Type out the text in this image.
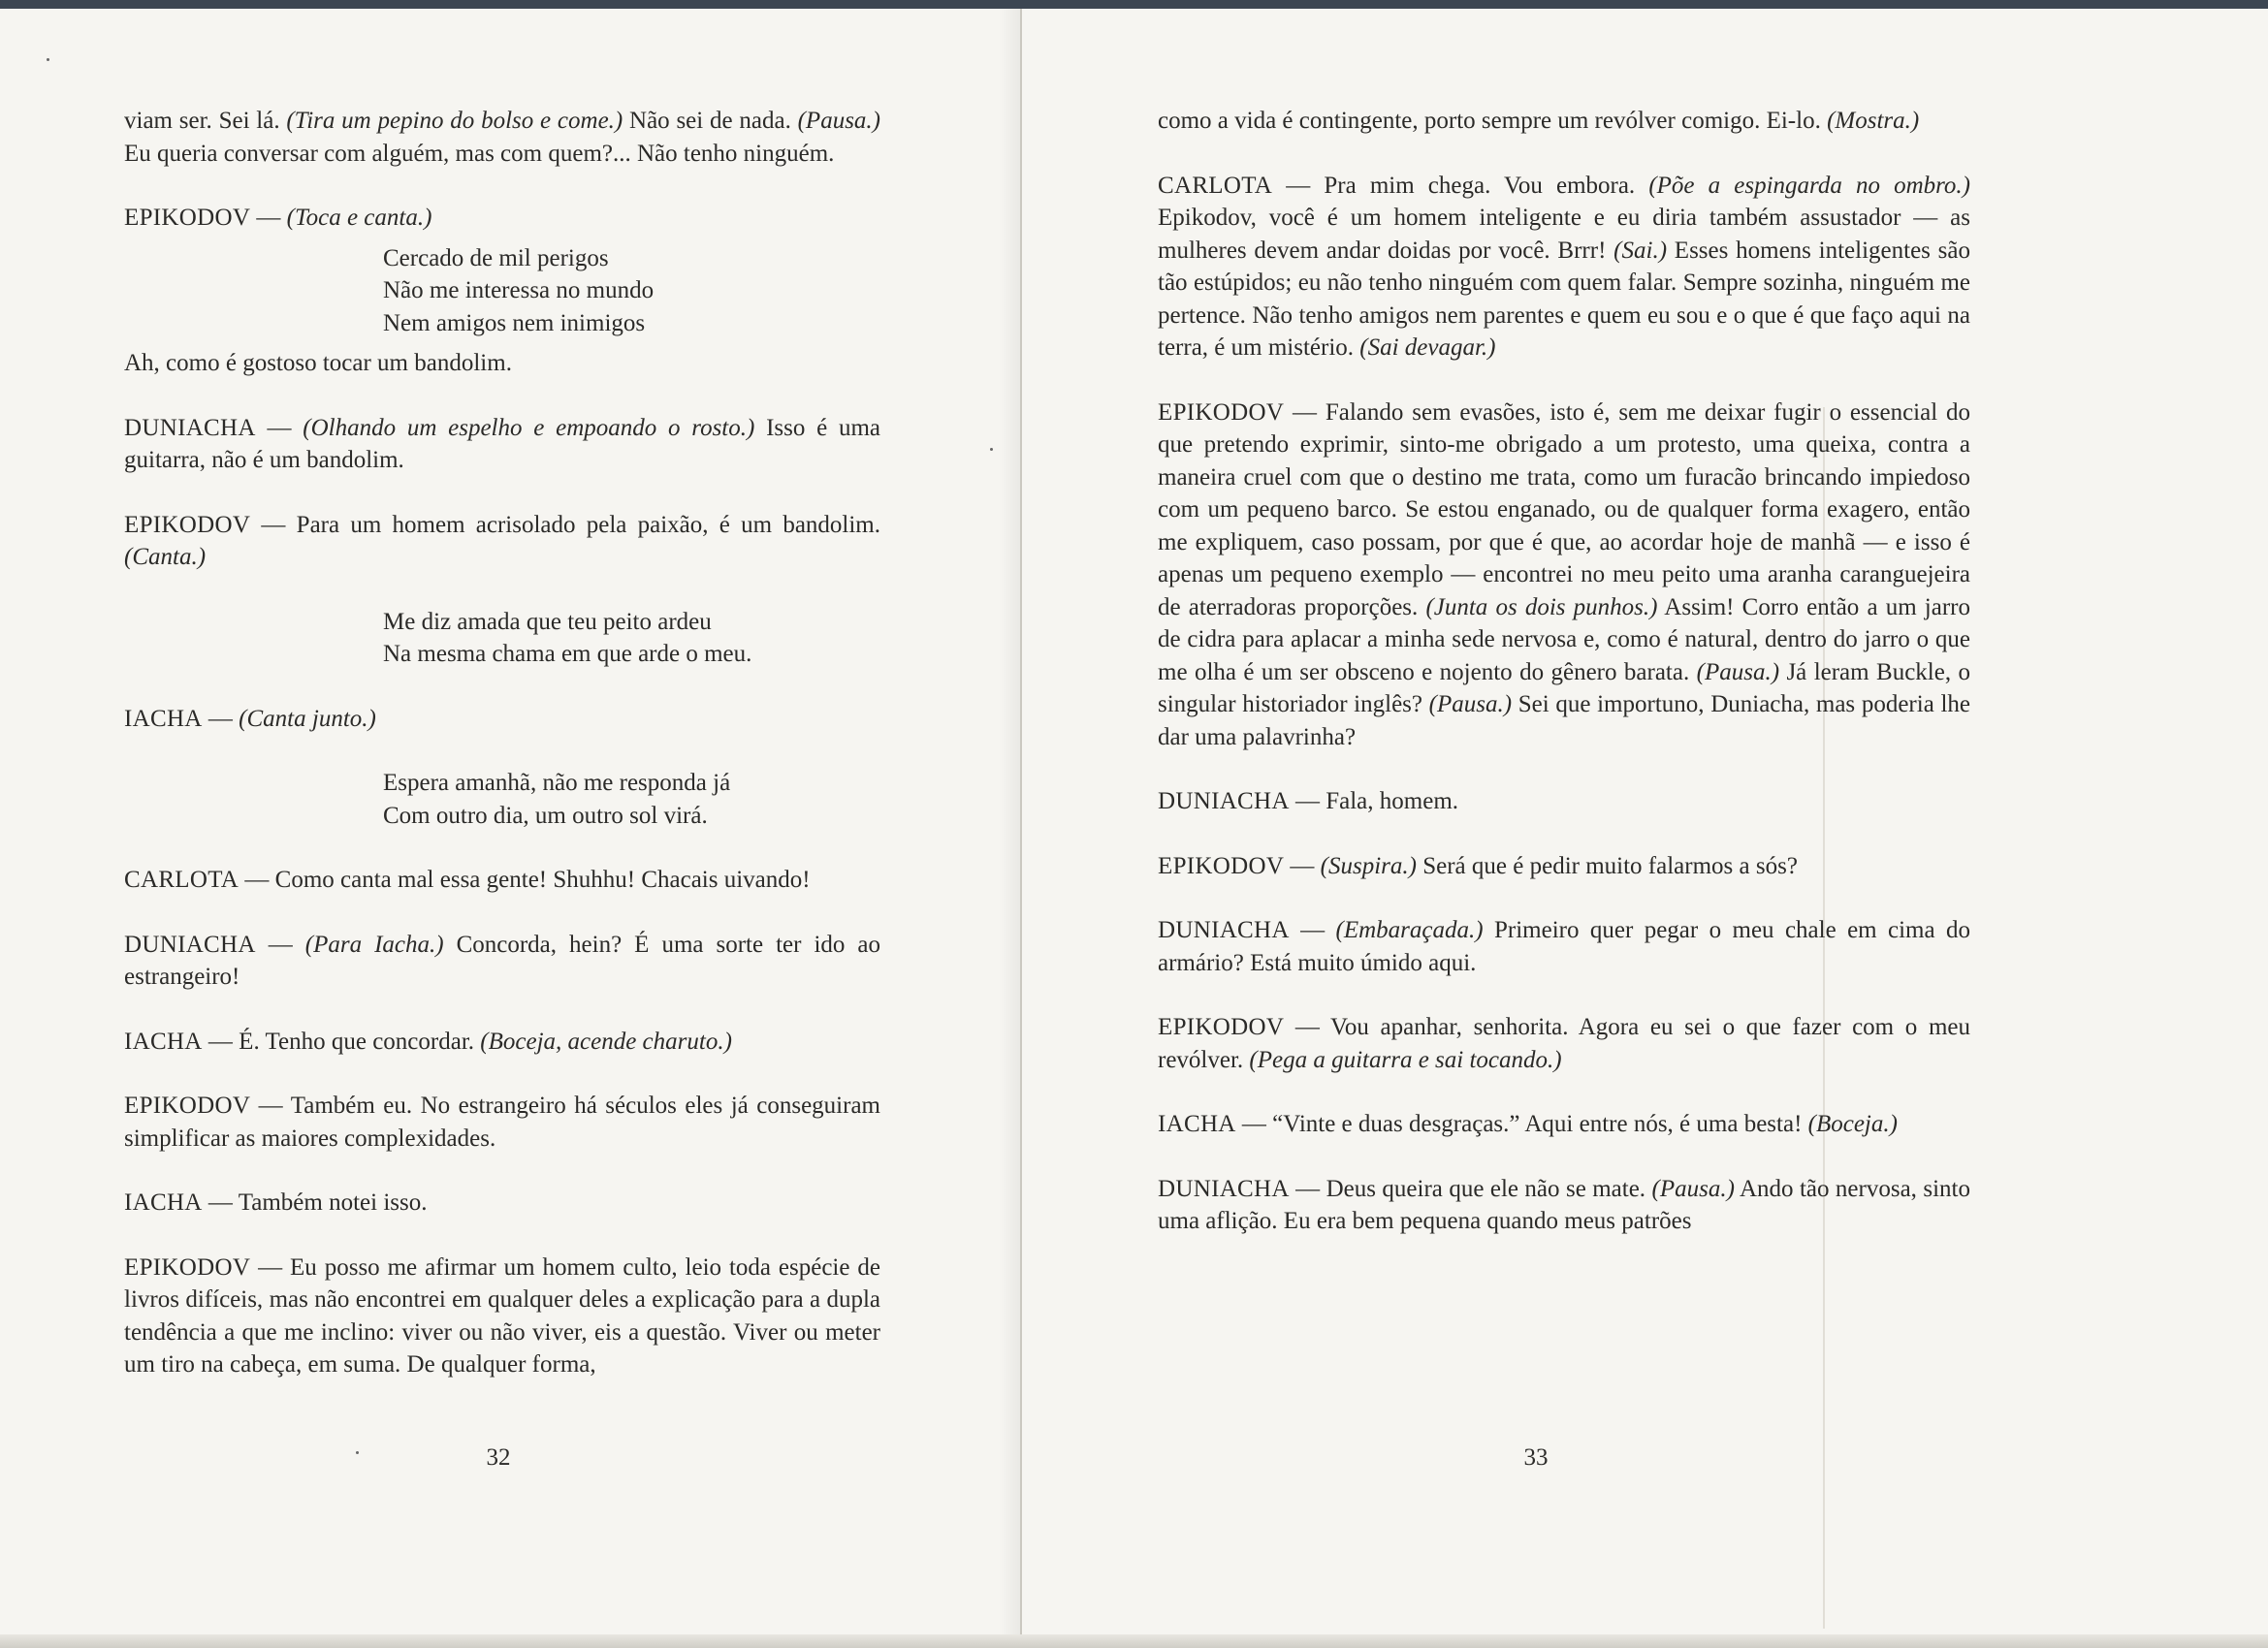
viam ser. Sei lá. (Tira um pepino do bolso e come.) Não sei de nada. (Pausa.) Eu queria conversar com alguém, mas com quem?... Não tenho ninguém.

EPIKODOV — (Toca e canta.)

Cercado de mil perigos
Não me interessa no mundo
Nem amigos nem inimigos

Ah, como é gostoso tocar um bandolim.

DUNIACHA — (Olhando um espelho e empoando o rosto.) Isso é uma guitarra, não é um bandolim.

EPIKODOV — Para um homem acrisolado pela paixão, é um bandolim. (Canta.)

Me diz amada que teu peito ardeu
Na mesma chama em que arde o meu.

IACHA — (Canta junto.)

Espera amanhã, não me responda já
Com outro dia, um outro sol virá.

CARLOTA — Como canta mal essa gente! Shuhhu! Chacais uivando!

DUNIACHA — (Para Iacha.) Concorda, hein? É uma sorte ter ido ao estrangeiro!

IACHA — É. Tenho que concordar. (Boceja, acende charuto.)

EPIKODOV — Também eu. No estrangeiro há séculos eles já conseguiram simplificar as maiores complexidades.

IACHA — Também notei isso.

EPIKODOV — Eu posso me afirmar um homem culto, leio toda espécie de livros difíceis, mas não encontrei em qualquer deles a explicação para a dupla tendência a que me inclino: viver ou não viver, eis a questão. Viver ou meter um tiro na cabeça, em suma. De qualquer forma,

32

como a vida é contingente, porto sempre um revólver comigo. Ei-lo. (Mostra.)

CARLOTA — Pra mim chega. Vou embora. (Põe a espingarda no ombro.) Epikodov, você é um homem inteligente e eu diria também assustador — as mulheres devem andar doidas por você. Brrr! (Sai.) Esses homens inteligentes são tão estúpidos; eu não tenho ninguém com quem falar. Sempre sozinha, ninguém me pertence. Não tenho amigos nem parentes e quem eu sou e o que é que faço aqui na terra, é um mistério. (Sai devagar.)

EPIKODOV — Falando sem evasões, isto é, sem me deixar fugir o essencial do que pretendo exprimir, sinto-me obrigado a um protesto, uma queixa, contra a maneira cruel com que o destino me trata, como um furacão brincando impiedoso com um pequeno barco. Se estou enganado, ou de qualquer forma exagero, então me expliquem, caso possam, por que é que, ao acordar hoje de manhã — e isso é apenas um pequeno exemplo — encontrei no meu peito uma aranha caranguejeira de aterradoras proporções. (Junta os dois punhos.) Assim! Corro então a um jarro de cidra para aplacar a minha sede nervosa e, como é natural, dentro do jarro o que me olha é um ser obsceno e nojento do gênero barata. (Pausa.) Já leram Buckle, o singular historiador inglês? (Pausa.) Sei que importuno, Duniacha, mas poderia lhe dar uma palavrinha?

DUNIACHA — Fala, homem.

EPIKODOV — (Suspira.) Será que é pedir muito falarmos a sós?

DUNIACHA — (Embaraçada.) Primeiro quer pegar o meu chale em cima do armário? Está muito úmido aqui.

EPIKODOV — Vou apanhar, senhorita. Agora eu sei o que fazer com o meu revólver. (Pega a guitarra e sai tocando.)

IACHA — “Vinte e duas desgraças.” Aqui entre nós, é uma besta! (Boceja.)

DUNIACHA — Deus queira que ele não se mate. (Pausa.) Ando tão nervosa, sinto uma aflição. Eu era bem pequena quando meus patrões

33
